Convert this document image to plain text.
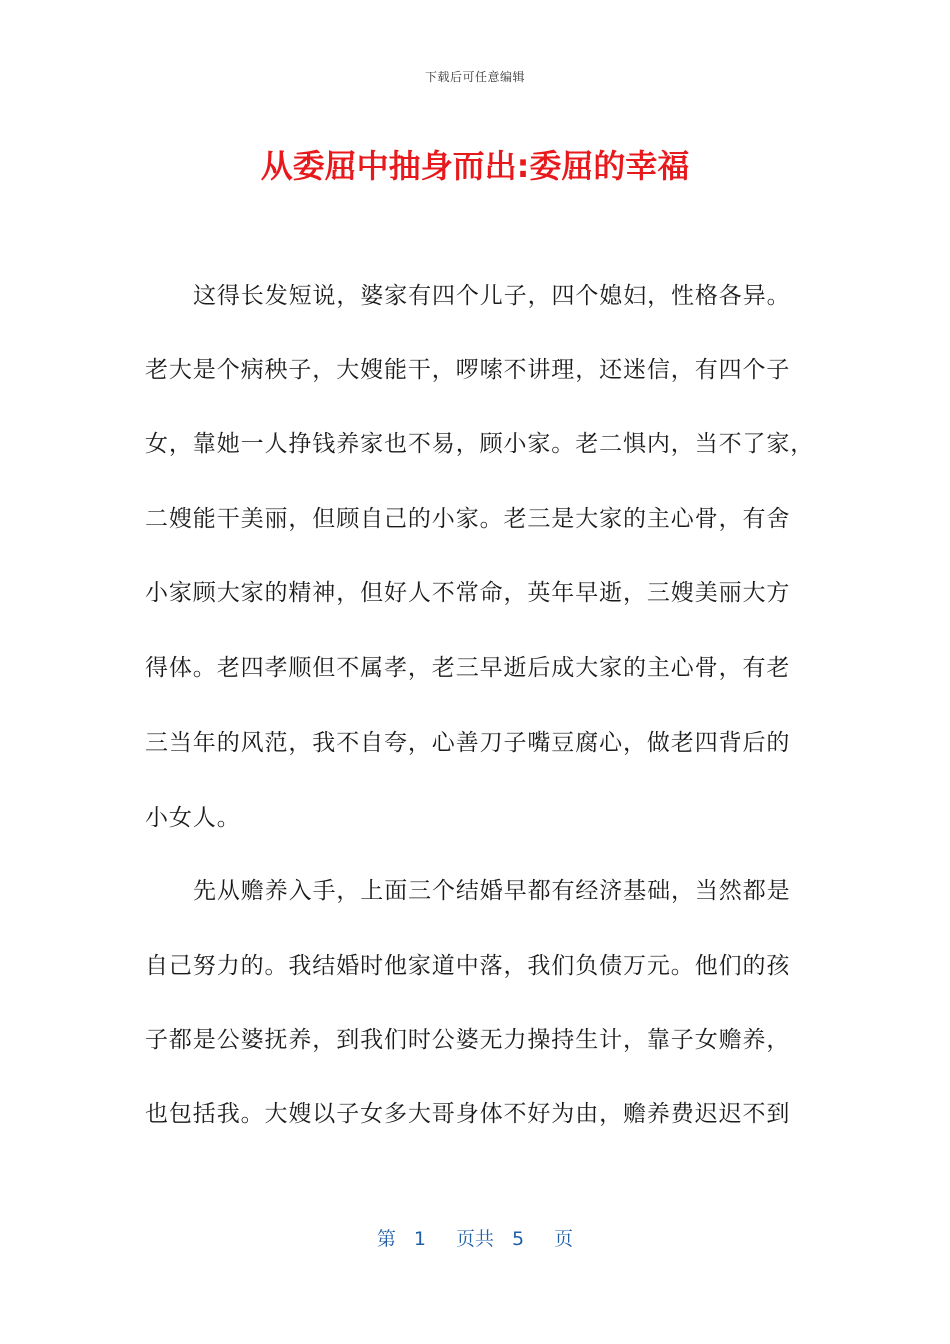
下载后可任意编辑
从委屈中抽身而出:委屈的幸福
这得长发短说，婆家有四个儿子，四个媳妇，性格各异。
老大是个病秧子，大嫂能干，啰嗦不讲理，还迷信，有四个子
女，靠她一人挣钱养家也不易，顾小家。老二惧内，当不了家，
二嫂能干美丽，但顾自己的小家。老三是大家的主心骨，有舍
小家顾大家的精神，但好人不常命，英年早逝，三嫂美丽大方
得体。老四孝顺但不属孝，老三早逝后成大家的主心骨，有老
三当年的风范，我不自夸，心善刀子嘴豆腐心，做老四背后的
小女人。
先从赡养入手，上面三个结婚早都有经济基础，当然都是
自己努力的。我结婚时他家道中落，我们负债万元。他们的孩
子都是公婆抚养，到我们时公婆无力操持生计，靠子女赡养，
也包括我。大嫂以子女多大哥身体不好为由，赡养费迟迟不到
第 1 页共 5 页
